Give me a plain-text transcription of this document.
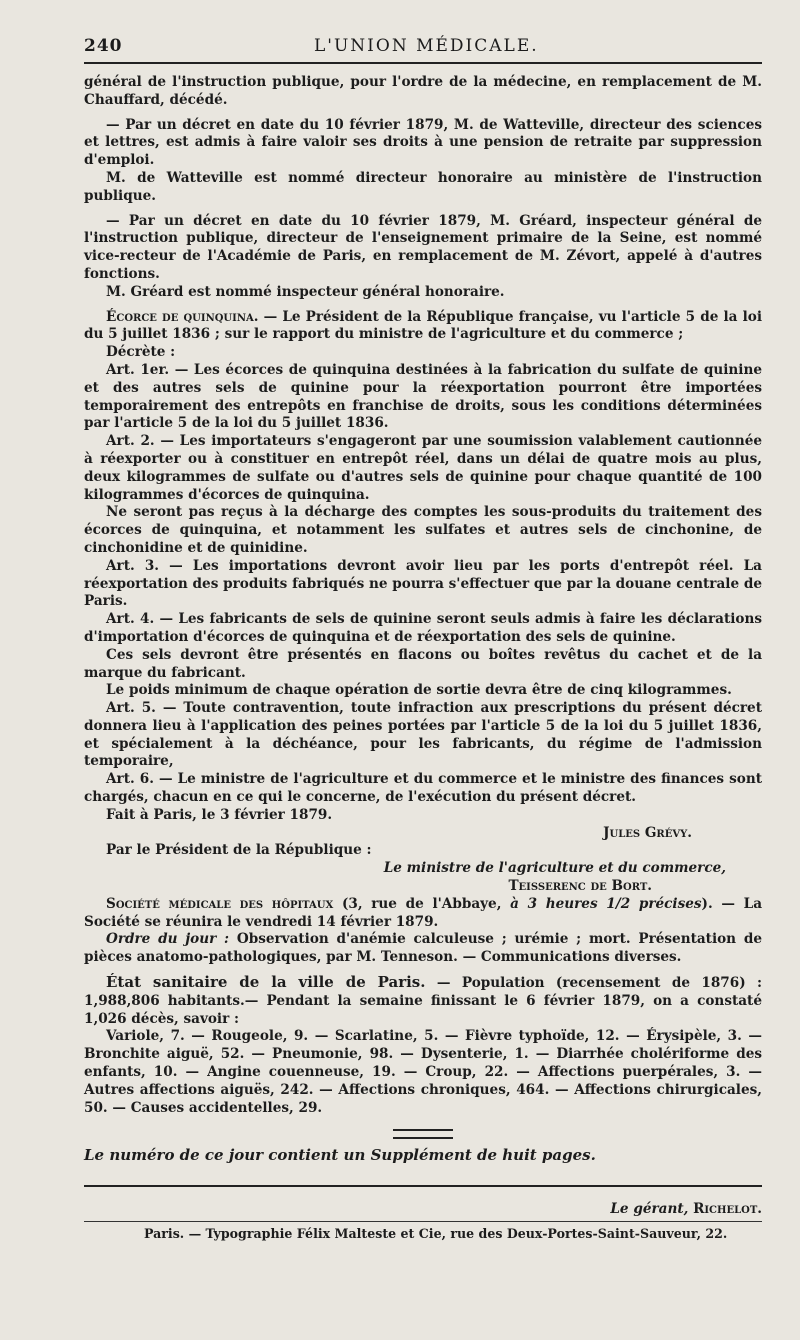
240	L'UNION MÉDICALE.

général de l'instruction publique, pour l'ordre de la médecine, en remplacement de M. Chauffard, décédé.

— Par un décret en date du 10 février 1879, M. de Watteville, directeur des sciences et lettres, est admis à faire valoir ses droits à une pension de retraite par suppression d'emploi.

M. de Watteville est nommé directeur honoraire au ministère de l'instruction publique.

— Par un décret en date du 10 février 1879, M. Gréard, inspecteur général de l'instruction publique, directeur de l'enseignement primaire de la Seine, est nommé vice-recteur de l'Académie de Paris, en remplacement de M. Zévort, appelé à d'autres fonctions.

M. Gréard est nommé inspecteur général honoraire.

Écorce de quinquina. — Le Président de la République française, vu l'article 5 de la loi du 5 juillet 1836 ; sur le rapport du ministre de l'agriculture et du commerce ;

Décrète :

Art. 1er. — Les écorces de quinquina destinées à la fabrication du sulfate de quinine et des autres sels de quinine pour la réexportation pourront être importées temporairement des entrepôts en franchise de droits, sous les conditions déterminées par l'article 5 de la loi du 5 juillet 1836.

Art. 2. — Les importateurs s'engageront par une soumission valablement cautionnée à réexporter ou à constituer en entrepôt réel, dans un délai de quatre mois au plus, deux kilogrammes de sulfate ou d'autres sels de quinine pour chaque quantité de 100 kilogrammes d'écorces de quinquina.

Ne seront pas reçus à la décharge des comptes les sous-produits du traitement des écorces de quinquina, et notamment les sulfates et autres sels de cinchonine, de cinchonidine et de quinidine.

Art. 3. — Les importations devront avoir lieu par les ports d'entrepôt réel. La réexportation des produits fabriqués ne pourra s'effectuer que par la douane centrale de Paris.

Art. 4. — Les fabricants de sels de quinine seront seuls admis à faire les déclarations d'importation d'écorces de quinquina et de réexportation des sels de quinine.

Ces sels devront être présentés en flacons ou boîtes revêtus du cachet et de la marque du fabricant.

Le poids minimum de chaque opération de sortie devra être de cinq kilogrammes.

Art. 5. — Toute contravention, toute infraction aux prescriptions du présent décret donnera lieu à l'application des peines portées par l'article 5 de la loi du 5 juillet 1836, et spécialement à la déchéance, pour les fabricants, du régime de l'admission temporaire,

Art. 6. — Le ministre de l'agriculture et du commerce et le ministre des finances sont chargés, chacun en ce qui le concerne, de l'exécution du présent décret.

Fait à Paris, le 3 février 1879.

Jules Grévy.

Par le Président de la République :

Le ministre de l'agriculture et du commerce,

Teisserenc de Bort.

Société médicale des hôpitaux (3, rue de l'Abbaye, à 3 heures 1/2 précises). — La Société se réunira le vendredi 14 février 1879.

Ordre du jour : Observation d'anémie calculeuse ; urémie ; mort. Présentation de pièces anatomo-pathologiques, par M. Tenneson. — Communications diverses.

État sanitaire de la ville de Paris. — Population (recensement de 1876) : 1,988,806 habitants.— Pendant la semaine finissant le 6 février 1879, on a constaté 1,026 décès, savoir :

Variole, 7. — Rougeole, 9. — Scarlatine, 5. — Fièvre typhoïde, 12. — Érysipèle, 3. — Bronchite aiguë, 52. — Pneumonie, 98. — Dysenterie, 1. — Diarrhée cholériforme des enfants, 10. — Angine couenneuse, 19. — Croup, 22. — Affections puerpérales, 3. — Autres affections aiguës, 242. — Affections chroniques, 464. — Affections chirurgicales, 50. — Causes accidentelles, 29.

Le numéro de ce jour contient un Supplément de huit pages.

Le gérant, Richelot.
Paris. — Typographie Félix Malteste et Cie, rue des Deux-Portes-Saint-Sauveur, 22.
